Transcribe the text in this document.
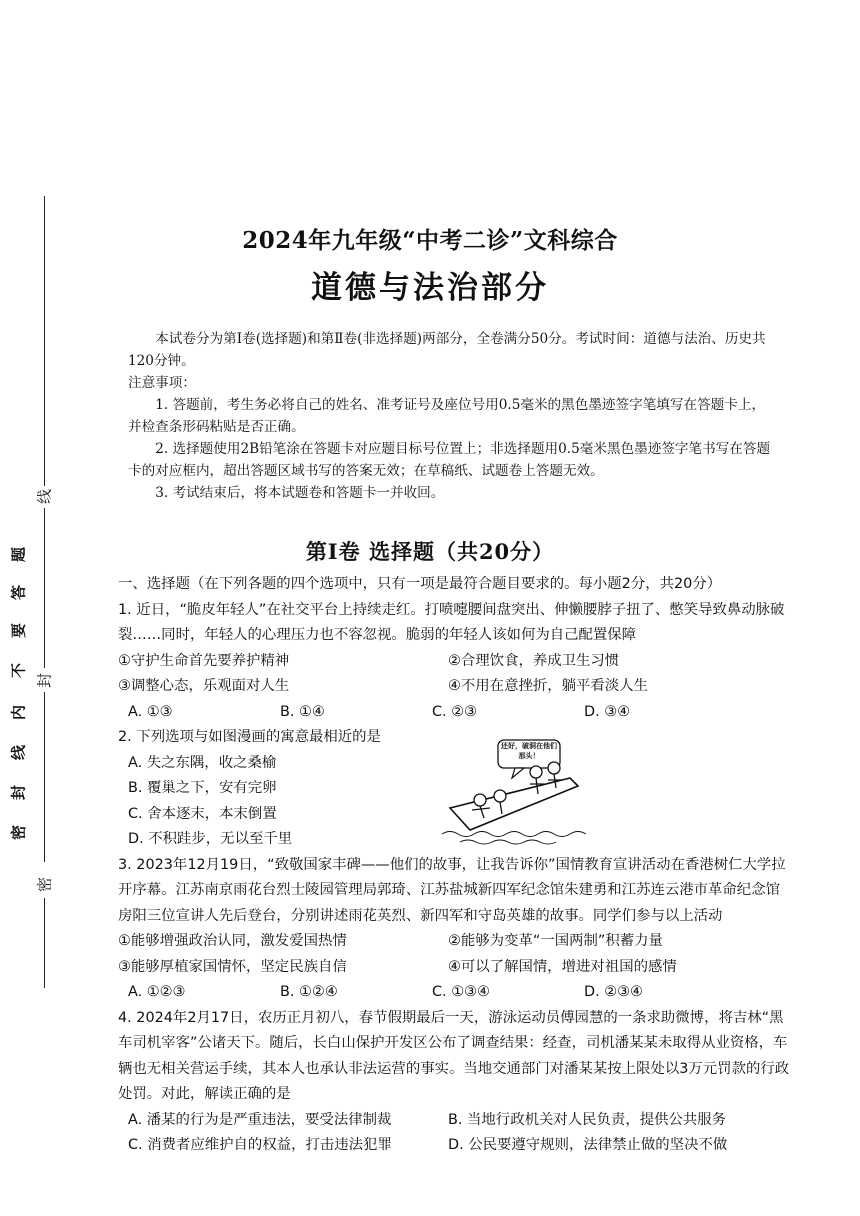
题
答
要
不
内
线
封
密
线
封
密
2024年九年级“中考二诊”文科综合
道德与法治部分

本试卷分为第Ⅰ卷(选择题)和第Ⅱ卷(非选择题)两部分，全卷满分50分。考试时间：道德与法治、历史共120分钟。

注意事项：

1. 答题前，考生务必将自己的姓名、准考证号及座位号用0.5毫米的黑色墨迹签字笔填写在答题卡上，并检查条形码粘贴是否正确。

2. 选择题使用2B铅笔涂在答题卡对应题目标号位置上；非选择题用0.5毫米黑色墨迹签字笔书写在答题卡的对应框内，超出答题区域书写的答案无效；在草稿纸、试题卷上答题无效。

3. 考试结束后，将本试题卷和答题卡一并收回。

第Ⅰ卷 选择题（共20分）

一、选择题（在下列各题的四个选项中，只有一项是最符合题目要求的。每小题2分，共20分）

1. 近日，“脆皮年轻人”在社交平台上持续走红。打喷嚏腰间盘突出、伸懒腰脖子扭了、憋笑导致鼻动脉破裂……同时，年轻人的心理压力也不容忽视。脆弱的年轻人该如何为自己配置保障

①守护生命首先要养护精神	②合理饮食，养成卫生习惯
③调整心态，乐观面对人生	④不用在意挫折，躺平看淡人生
A. ①③	B. ①④	C. ②③	D. ③④

2. 下列选项与如图漫画的寓意最相近的是

A. 失之东隅，收之桑榆
B. 覆巢之下，安有完卵
C. 舍本逐末，本末倒置
D. 不积跬步，无以至千里

3. 2023年12月19日，“致敬国家丰碑——他们的故事，让我告诉你”国情教育宣讲活动在香港树仁大学拉开序幕。江苏南京雨花台烈士陵园管理局郭琦、江苏盐城新四军纪念馆朱建勇和江苏连云港市革命纪念馆房阳三位宣讲人先后登台，分别讲述雨花英烈、新四军和守岛英雄的故事。同学们参与以上活动

①能够增强政治认同，激发爱国热情	②能够为变革“一国两制”积蓄力量
③能够厚植家国情怀，坚定民族自信	④可以了解国情，增进对祖国的感情
A. ①②③	B. ①②④	C. ①③④	D. ②③④

4. 2024年2月17日，农历正月初八，春节假期最后一天，游泳运动员傅园慧的一条求助微博，将吉林“黑车司机宰客”公诸天下。随后，长白山保护开发区公布了调查结果：经查，司机潘某某未取得从业资格，车辆也无相关营运手续，其本人也承认非法运营的事实。当地交通部门对潘某某按上限处以3万元罚款的行政处罚。对此，解读正确的是

A. 潘某的行为是严重违法，要受法律制裁	B. 当地行政机关对人民负责，提供公共服务
C. 消费者应维护自的权益，打击违法犯罪	D. 公民要遵守规则，法律禁止做的坚决不做
还好，破洞在他们那头！
